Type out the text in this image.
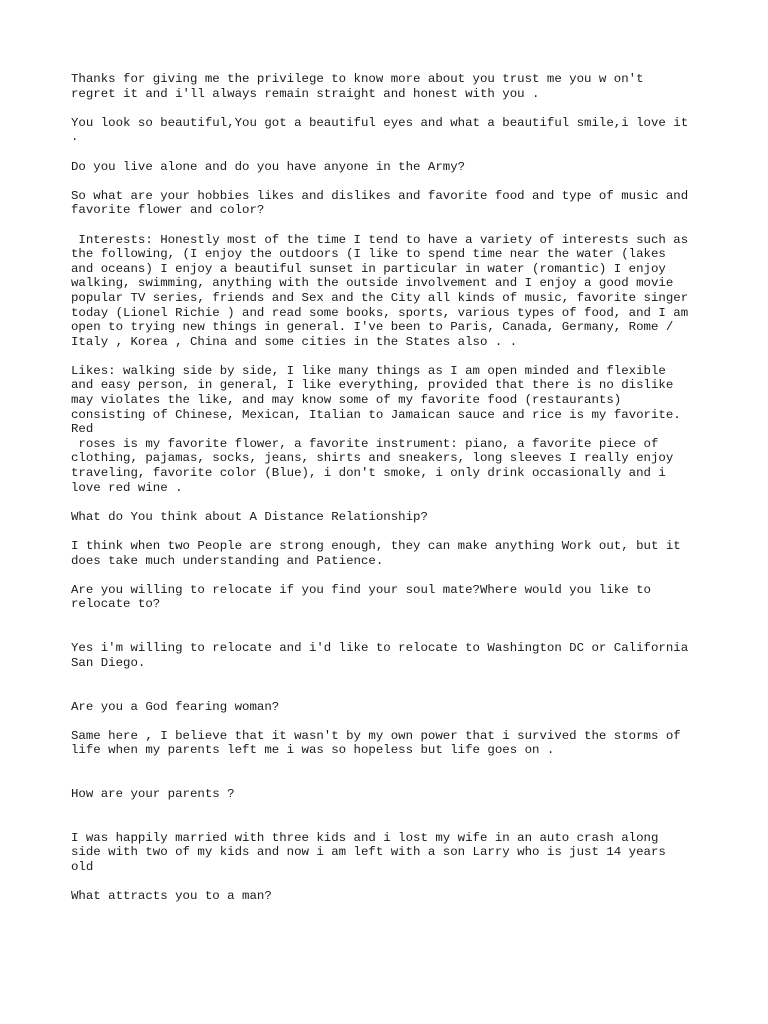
Thanks for giving me the privilege to know more about you trust me you w on't
regret it and i'll always remain straight and honest with you .

You look so beautiful,You got a beautiful eyes and what a beautiful smile,i love it
.

Do you live alone and do you have anyone in the Army?

So what are your hobbies likes and dislikes and favorite food and type of music and
favorite flower and color?

Interests: Honestly most of the time I tend to have a variety of interests such as
the following, (I enjoy the outdoors (I like to spend time near the water (lakes
and oceans) I enjoy a beautiful sunset in particular in water (romantic) I enjoy
walking, swimming, anything with the outside involvement and I enjoy a good movie
popular TV series, friends and Sex and the City all kinds of music, favorite singer
today (Lionel Richie ) and read some books, sports, various types of food, and I am
open to trying new things in general. I've been to Paris, Canada, Germany, Rome /
Italy , Korea , China and some cities in the States also . .

Likes: walking side by side, I like many things as I am open minded and flexible
and easy person, in general, I like everything, provided that there is no dislike
may violates the like, and may know some of my favorite food (restaurants)
consisting of Chinese, Mexican, Italian to Jamaican sauce and rice is my favorite.
Red
roses is my favorite flower, a favorite instrument: piano, a favorite piece of
clothing, pajamas, socks, jeans, shirts and sneakers, long sleeves I really enjoy
traveling, favorite color (Blue), i don't smoke, i only drink occasionally and i
love red wine .

What do You think about A Distance Relationship?

I think when two People are strong enough, they can make anything Work out, but it
does take much understanding and Patience.

Are you willing to relocate if you find your soul mate?Where would you like to
relocate to?

Yes i'm willing to relocate and i'd like to relocate to Washington DC or California
San Diego.

Are you a God fearing woman?

Same here , I believe that it wasn't by my own power that i survived the storms of
life when my parents left me i was so hopeless but life goes on .

How are your parents ?

I was happily married with three kids and i lost my wife in an auto crash along
side with two of my kids and now i am left with a son Larry who is just 14 years
old

What attracts you to a man?
